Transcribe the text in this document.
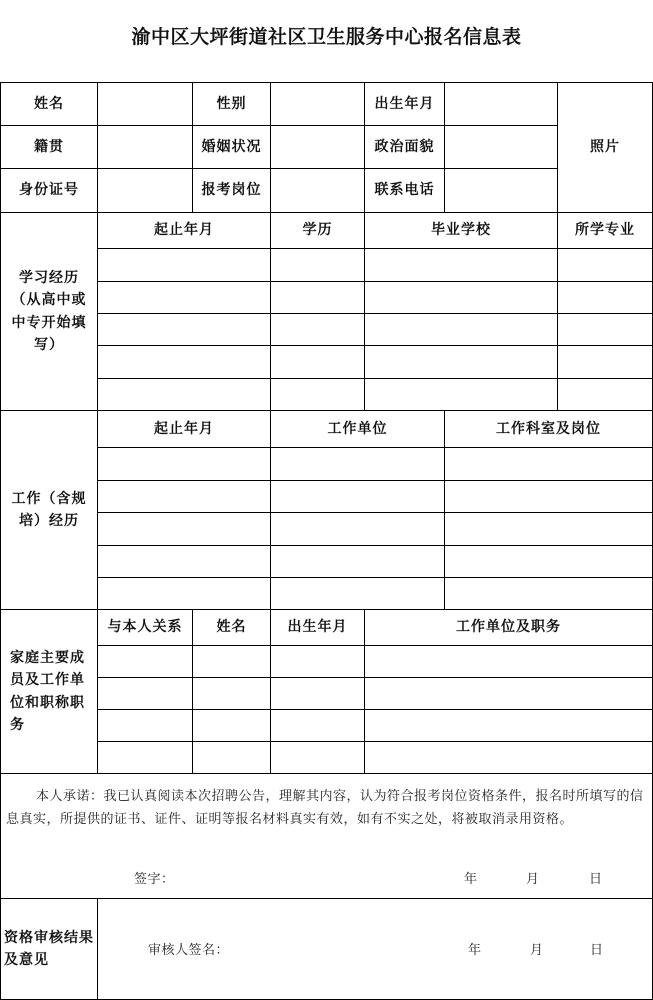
渝中区大坪街道社区卫生服务中心报名信息表
姓名	性别	出生年月
照片
籍贯	婚姻状况	政治面貌
身份证号	报考岗位	联系电话
学习经历（从高中或中专开始填写）
起止年月	学历	毕业学校	所学专业
工作（含规培）经历
起止年月	工作单位	工作科室及岗位
家庭主要成员及工作单位和职称职务
与本人关系	姓名	出生年月	工作单位及职务
本人承诺：我已认真阅读本次招聘公告，理解其内容，认为符合报考岗位资格条件，报名时所填写的信息真实，所提供的证书、证件、证明等报名材料真实有效，如有不实之处，将被取消录用资格。
签字：	年	月	日
资格审核结果及意见
审核人签名：	年	月	日
